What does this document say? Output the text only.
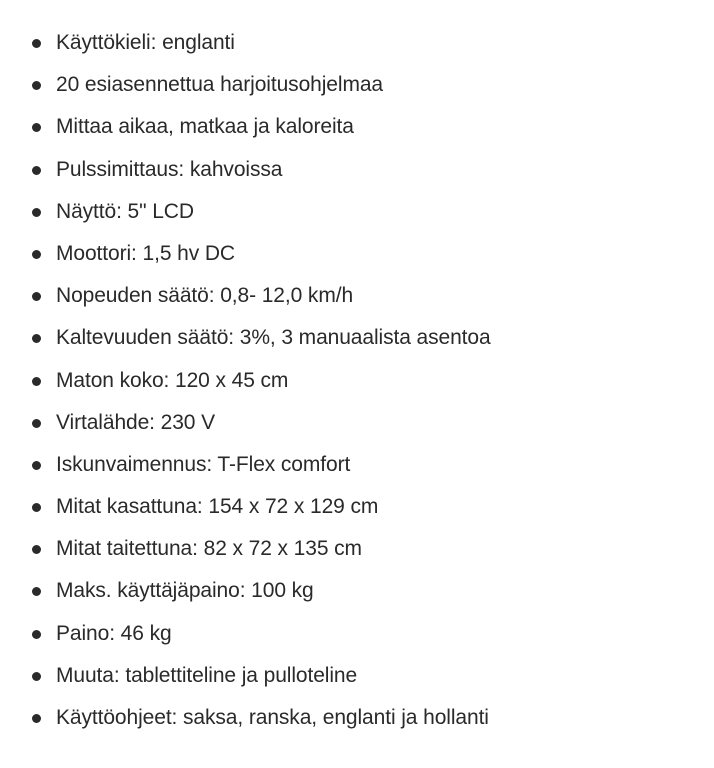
Käyttökieli: englanti
20 esiasennettua harjoitusohjelmaa
Mittaa aikaa, matkaa ja kaloreita
Pulssimittaus: kahvoissa
Näyttö: 5" LCD
Moottori: 1,5 hv DC
Nopeuden säätö: 0,8- 12,0 km/h
Kaltevuuden säätö: 3%, 3 manuaalista asentoa
Maton koko: 120 x 45 cm
Virtalähde: 230 V
Iskunvaimennus: T-Flex comfort
Mitat kasattuna: 154 x 72 x 129 cm
Mitat taitettuna: 82 x 72 x 135 cm
Maks. käyttäjäpaino: 100 kg
Paino: 46 kg
Muuta: tablettiteline ja pulloteline
Käyttöohjeet: saksa, ranska, englanti ja hollanti
